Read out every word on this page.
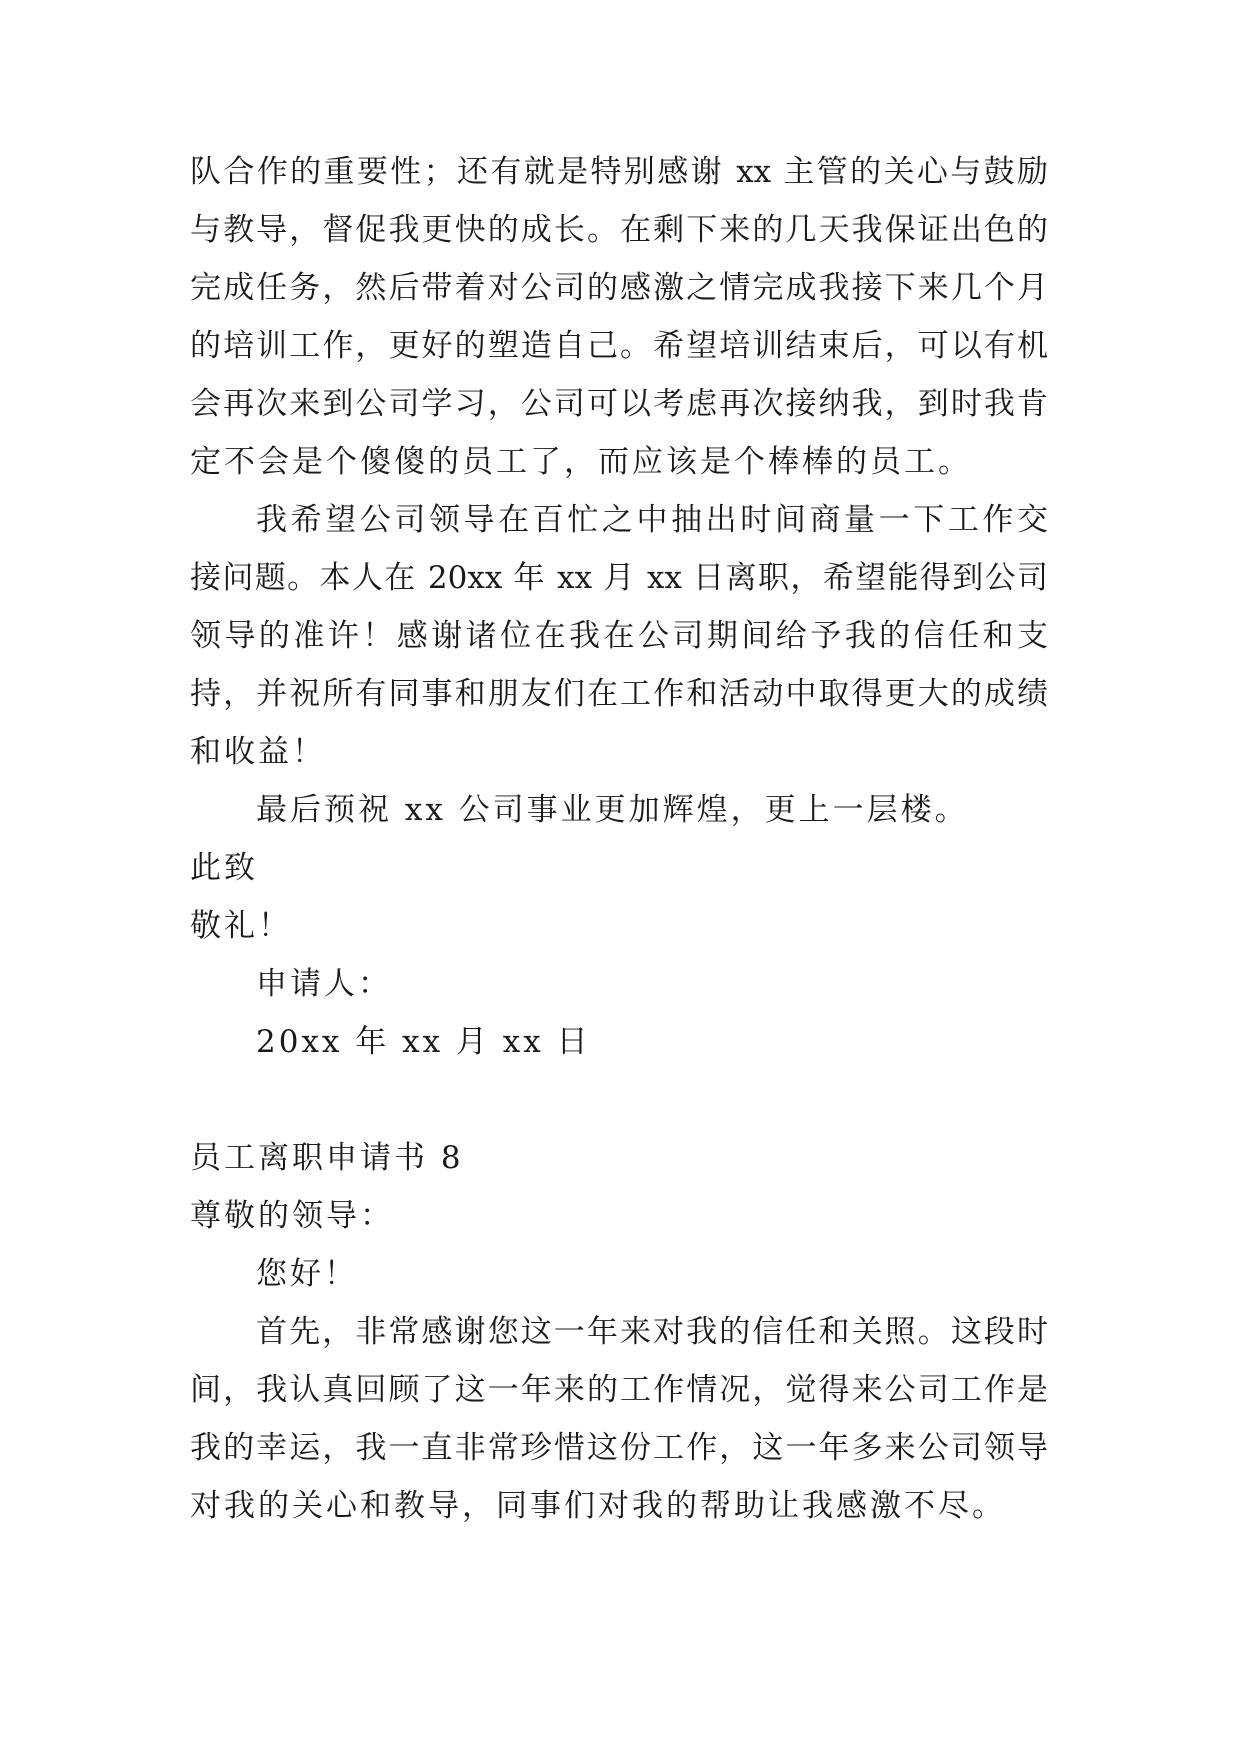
队合作的重要性；还有就是特别感谢 xx 主管的关心与鼓励
与教导，督促我更快的成长。在剩下来的几天我保证出色的
完成任务，然后带着对公司的感激之情完成我接下来几个月
的培训工作，更好的塑造自己。希望培训结束后，可以有机
会再次来到公司学习，公司可以考虑再次接纳我，到时我肯
定不会是个傻傻的员工了，而应该是个棒棒的员工。
我希望公司领导在百忙之中抽出时间商量一下工作交
接问题。本人在 20xx 年 xx 月 xx 日离职，希望能得到公司
领导的准许！感谢诸位在我在公司期间给予我的信任和支
持，并祝所有同事和朋友们在工作和活动中取得更大的成绩
和收益！
最后预祝 xx 公司事业更加辉煌，更上一层楼。
此致
敬礼！
申请人：
20xx 年 xx 月 xx 日
员工离职申请书 8
尊敬的领导：
您好！
首先，非常感谢您这一年来对我的信任和关照。这段时
间，我认真回顾了这一年来的工作情况，觉得来公司工作是
我的幸运，我一直非常珍惜这份工作，这一年多来公司领导
对我的关心和教导，同事们对我的帮助让我感激不尽。
